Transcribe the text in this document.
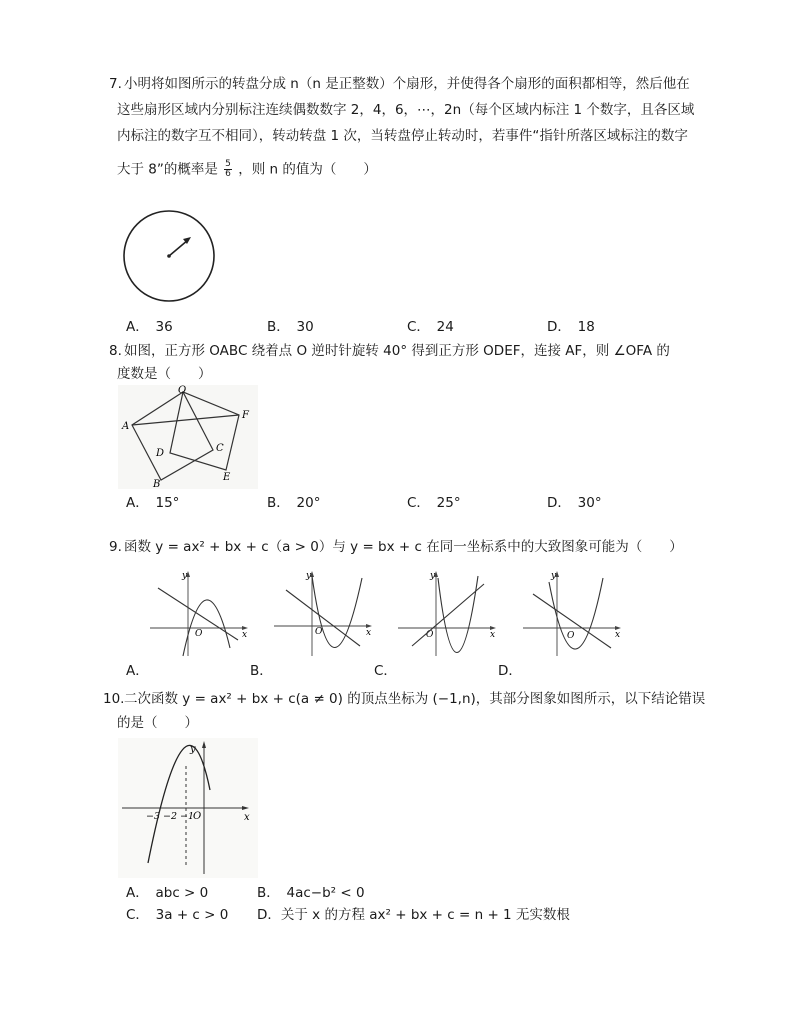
7. 小明将如图所示的转盘分成 n（n 是正整数）个扇形，并使得各个扇形的面积都相等，然后他在
这些扇形区域内分别标注连续偶数数字 2，4，6，⋯，2n（每个区域内标注 1 个数字，且各区域
内标注的数字互不相同），转动转盘 1 次，当转盘停止转动时，若事件“指针所落区域标注的数字
大于 8”的概率是 $\frac{5}{6}$ ，则 n 的值为（　　）
A．　36	B．　30	C．　24	D．　18
8. 如图，正方形 OABC 绕着点 O 逆时针旋转 40° 得到正方形 ODEF，连接 AF，则 ∠OFA 的
度数是（　　）
O
A
F
D	C
B
E
A．　15°	B．　20°	C．　25°	D．　30°
9. 函数 y = ax² + bx + c（a > 0）与 y = bx + c 在同一坐标系中的大致图象可能为（　　）
y
x
O
y
x
O
y
x
O
y
x
O
A．	B．	C．	D．
10. 二次函数 y = ax² + bx + c(a ≠ 0) 的顶点坐标为 (−1,n)，其部分图象如图所示，以下结论错误
的是（　　）
y
x
O
−3 −2 −1
A．　abc > 0	B．　4ac−b² < 0
C．　3a + c > 0 D．关于 x 的方程 ax² + bx + c = n + 1 无实数根
